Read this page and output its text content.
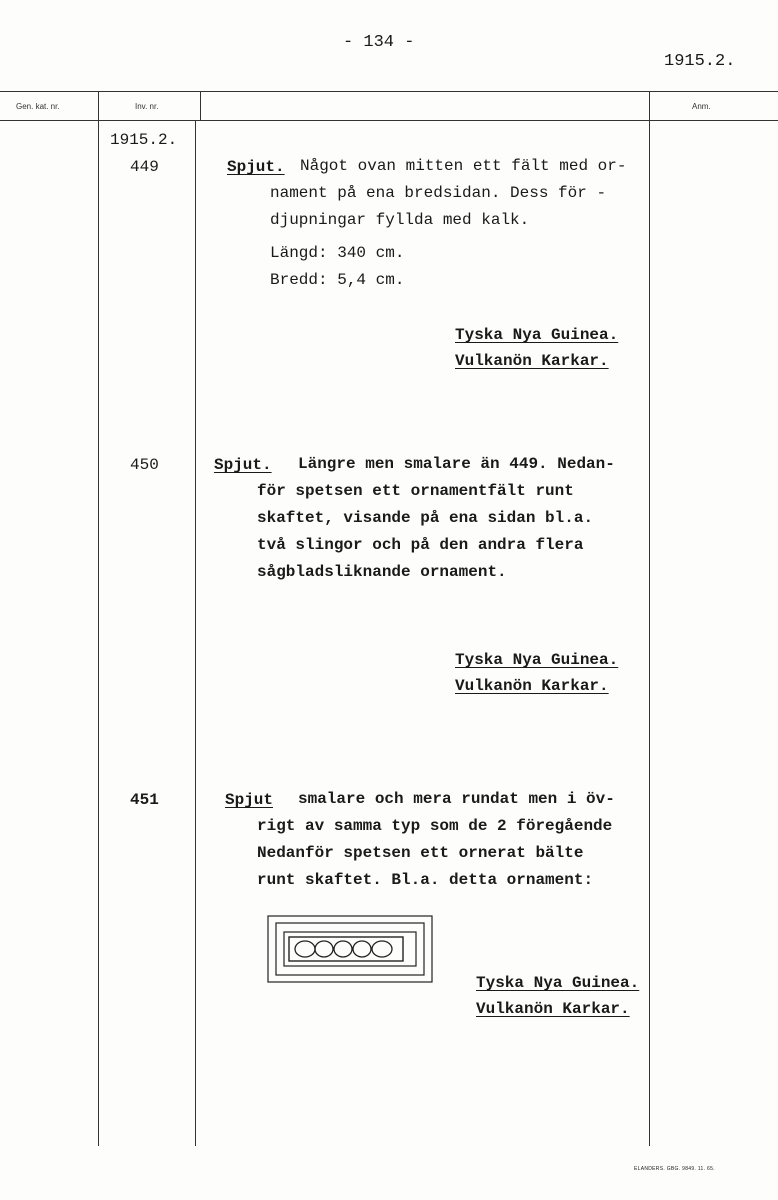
- 134 -
1915.2.
Gen. kat. nr.	Inv. nr.	Anm.
1915.2.
449	Spjut. Något ovan mitten ett fält med or-
nament på ena bredsidan. Dess för -
djupningar fyllda med kalk.
Längd: 340 cm.
Bredd: 5,4 cm.
Tyska Nya Guinea.
Vulkanön Karkar.
450	Spjut. Längre men smalare än 449. Nedan-
för spetsen ett ornamentfält runt
skaftet, visande på ena sidan bl.a.
två slingor och på den andra flera
sågbladsliknande ornament.
Tyska Nya Guinea.
Vulkanön Karkar.
451	Spjut smalare och mera rundat men i öv-
rigt av samma typ som de 2 föregående
Nedanför spetsen ett ornerat bälte
runt skaftet. Bl.a. detta ornament:
Tyska Nya Guinea.
Vulkanön Karkar.
ELANDERS. GBG. 9849. 11. 65.
